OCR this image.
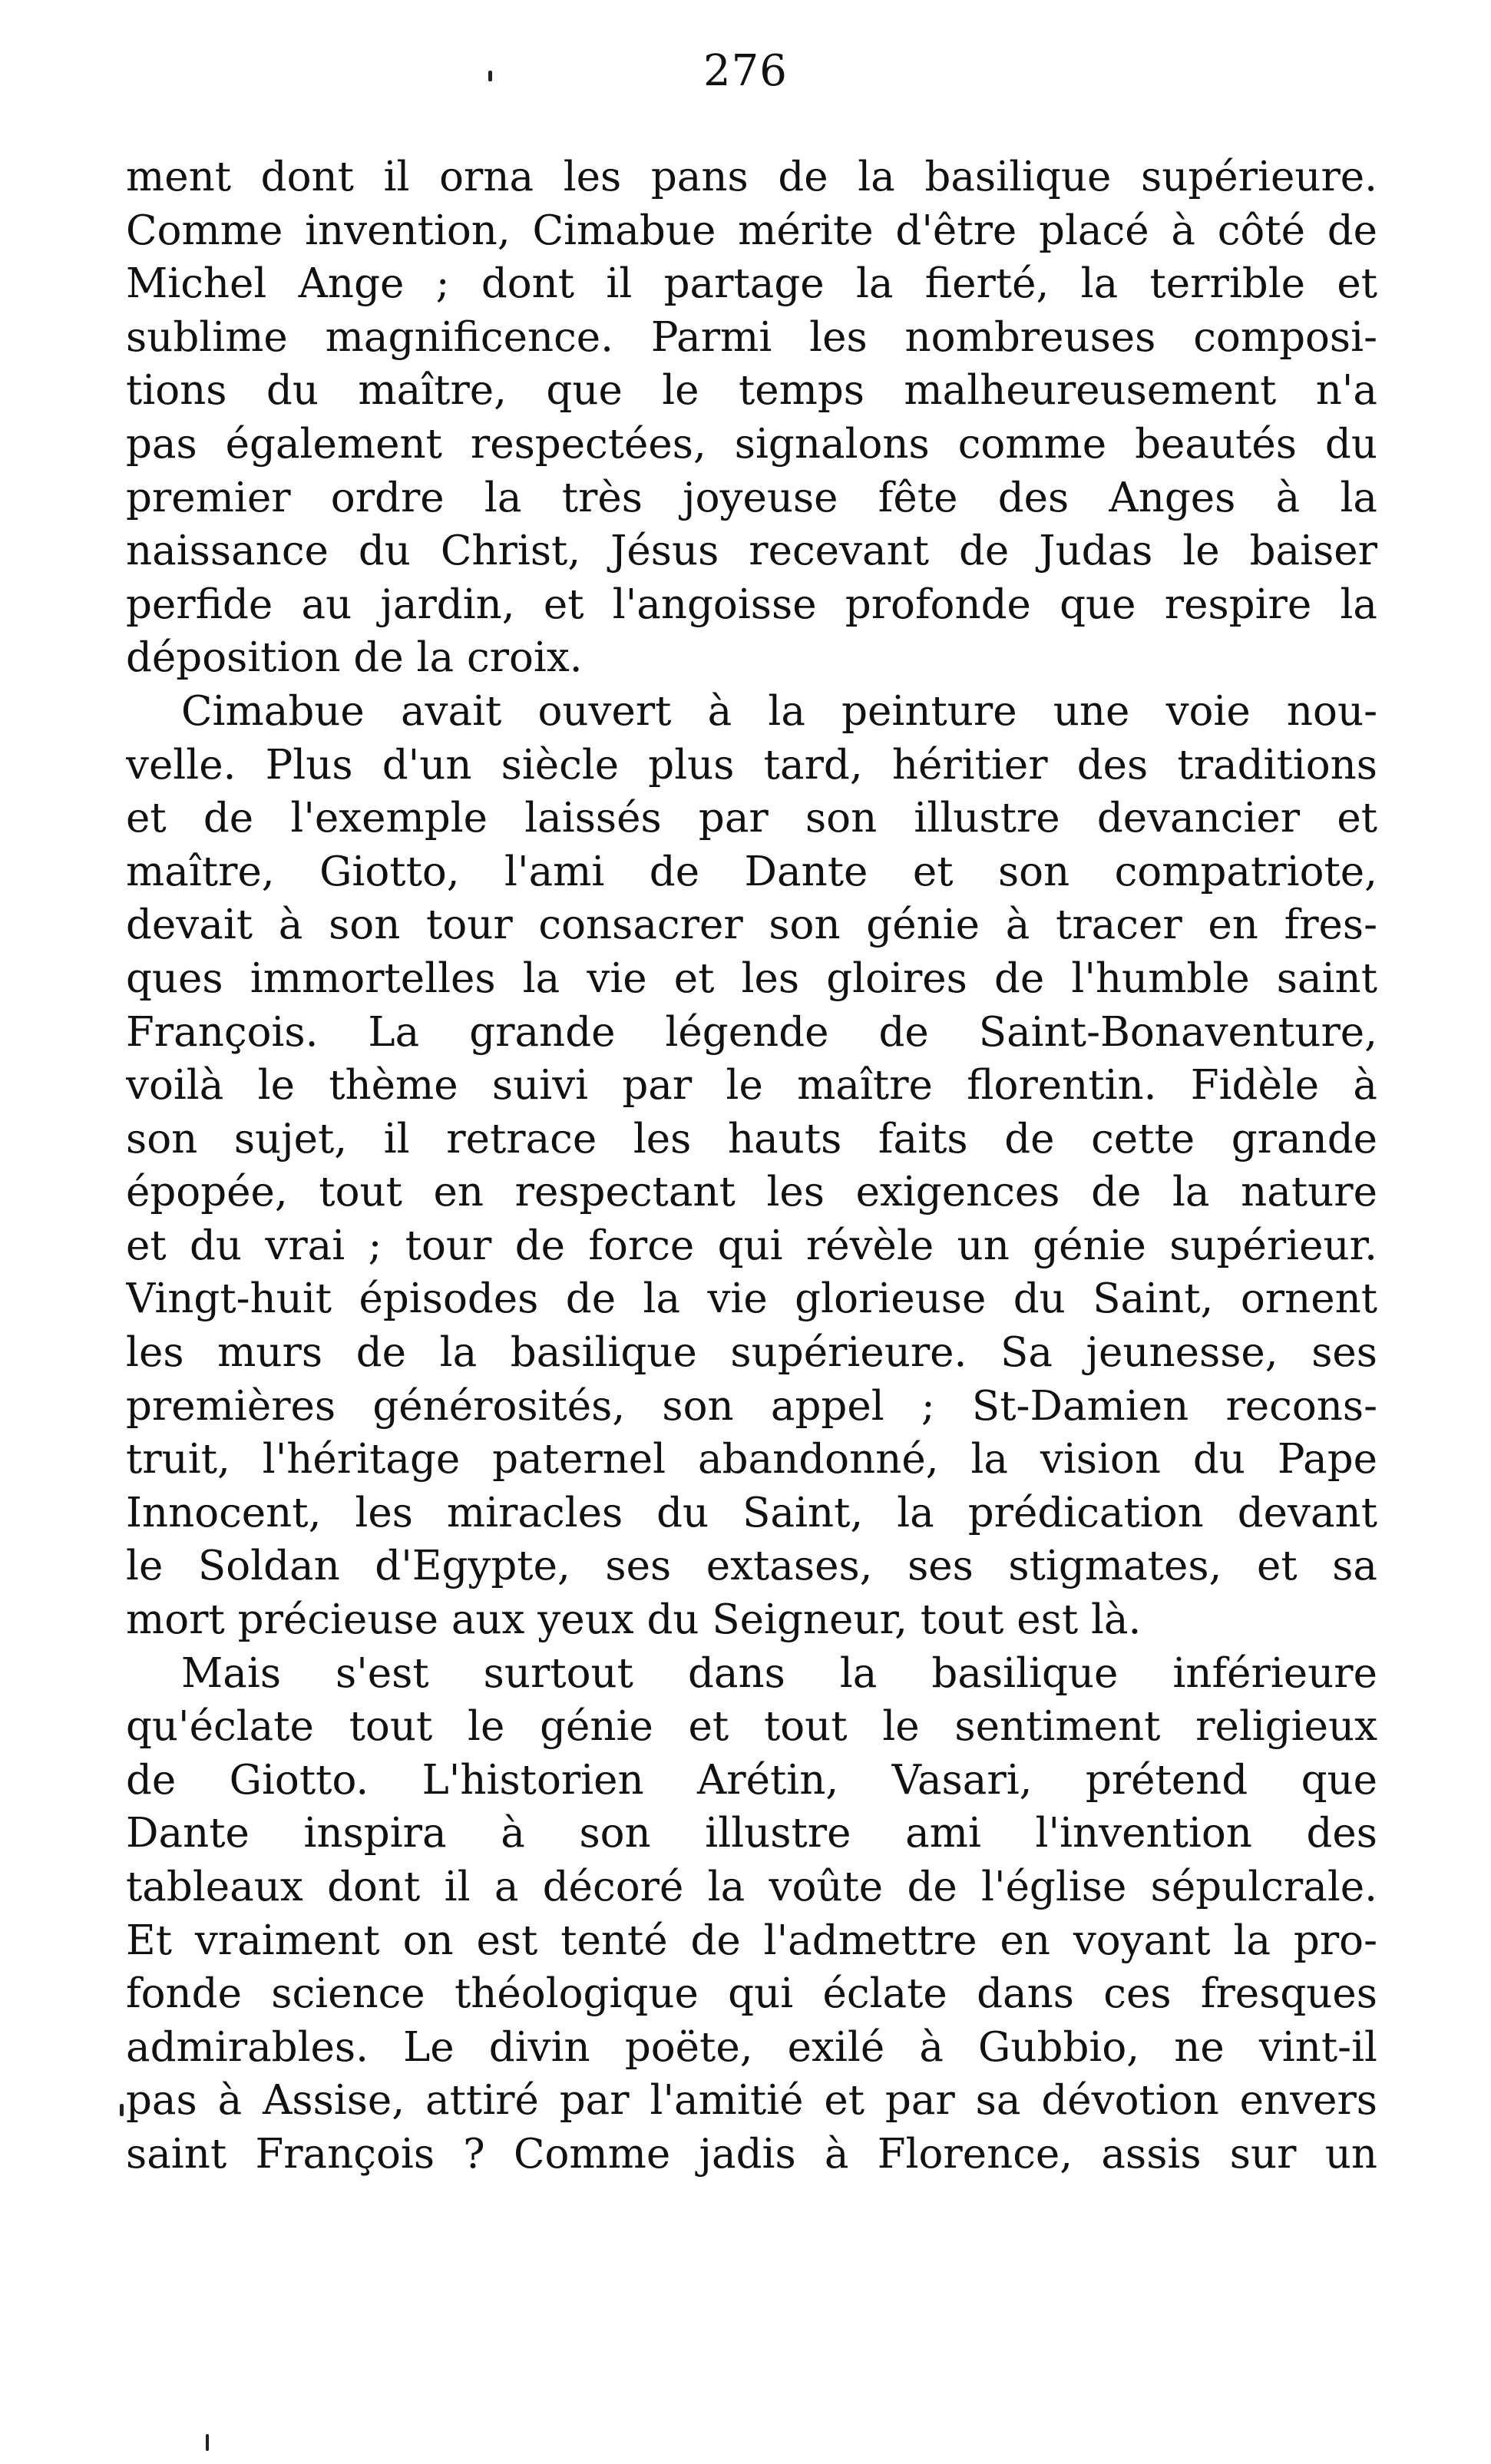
276
ment dont il orna les pans de la basilique supérieure.
Comme invention, Cimabue mérite d'être placé à côté de
Michel Ange ; dont il partage la fierté, la terrible et
sublime magnificence. Parmi les nombreuses composi-
tions du maître, que le temps malheureusement n'a
pas également respectées, signalons comme beautés du
premier ordre la très joyeuse fête des Anges à la
naissance du Christ, Jésus recevant de Judas le baiser
perfide au jardin, et l'angoisse profonde que respire la
déposition de la croix.
Cimabue avait ouvert à la peinture une voie nou-
velle. Plus d'un siècle plus tard, héritier des traditions
et de l'exemple laissés par son illustre devancier et
maître, Giotto, l'ami de Dante et son compatriote,
devait à son tour consacrer son génie à tracer en fres-
ques immortelles la vie et les gloires de l'humble saint
François. La grande légende de Saint-Bonaventure,
voilà le thème suivi par le maître florentin. Fidèle à
son sujet, il retrace les hauts faits de cette grande
épopée, tout en respectant les exigences de la nature
et du vrai ; tour de force qui révèle un génie supérieur.
Vingt-huit épisodes de la vie glorieuse du Saint, ornent
les murs de la basilique supérieure. Sa jeunesse, ses
premières générosités, son appel ; St-Damien recons-
truit, l'héritage paternel abandonné, la vision du Pape
Innocent, les miracles du Saint, la prédication devant
le Soldan d'Egypte, ses extases, ses stigmates, et sa
mort précieuse aux yeux du Seigneur, tout est là.
Mais s'est surtout dans la basilique inférieure
qu'éclate tout le génie et tout le sentiment religieux
de Giotto. L'historien Arétin, Vasari, prétend que
Dante inspira à son illustre ami l'invention des
tableaux dont il a décoré la voûte de l'église sépulcrale.
Et vraiment on est tenté de l'admettre en voyant la pro-
fonde science théologique qui éclate dans ces fresques
admirables. Le divin poëte, exilé à Gubbio, ne vint-il
pas à Assise, attiré par l'amitié et par sa dévotion envers
saint François ? Comme jadis à Florence, assis sur un
